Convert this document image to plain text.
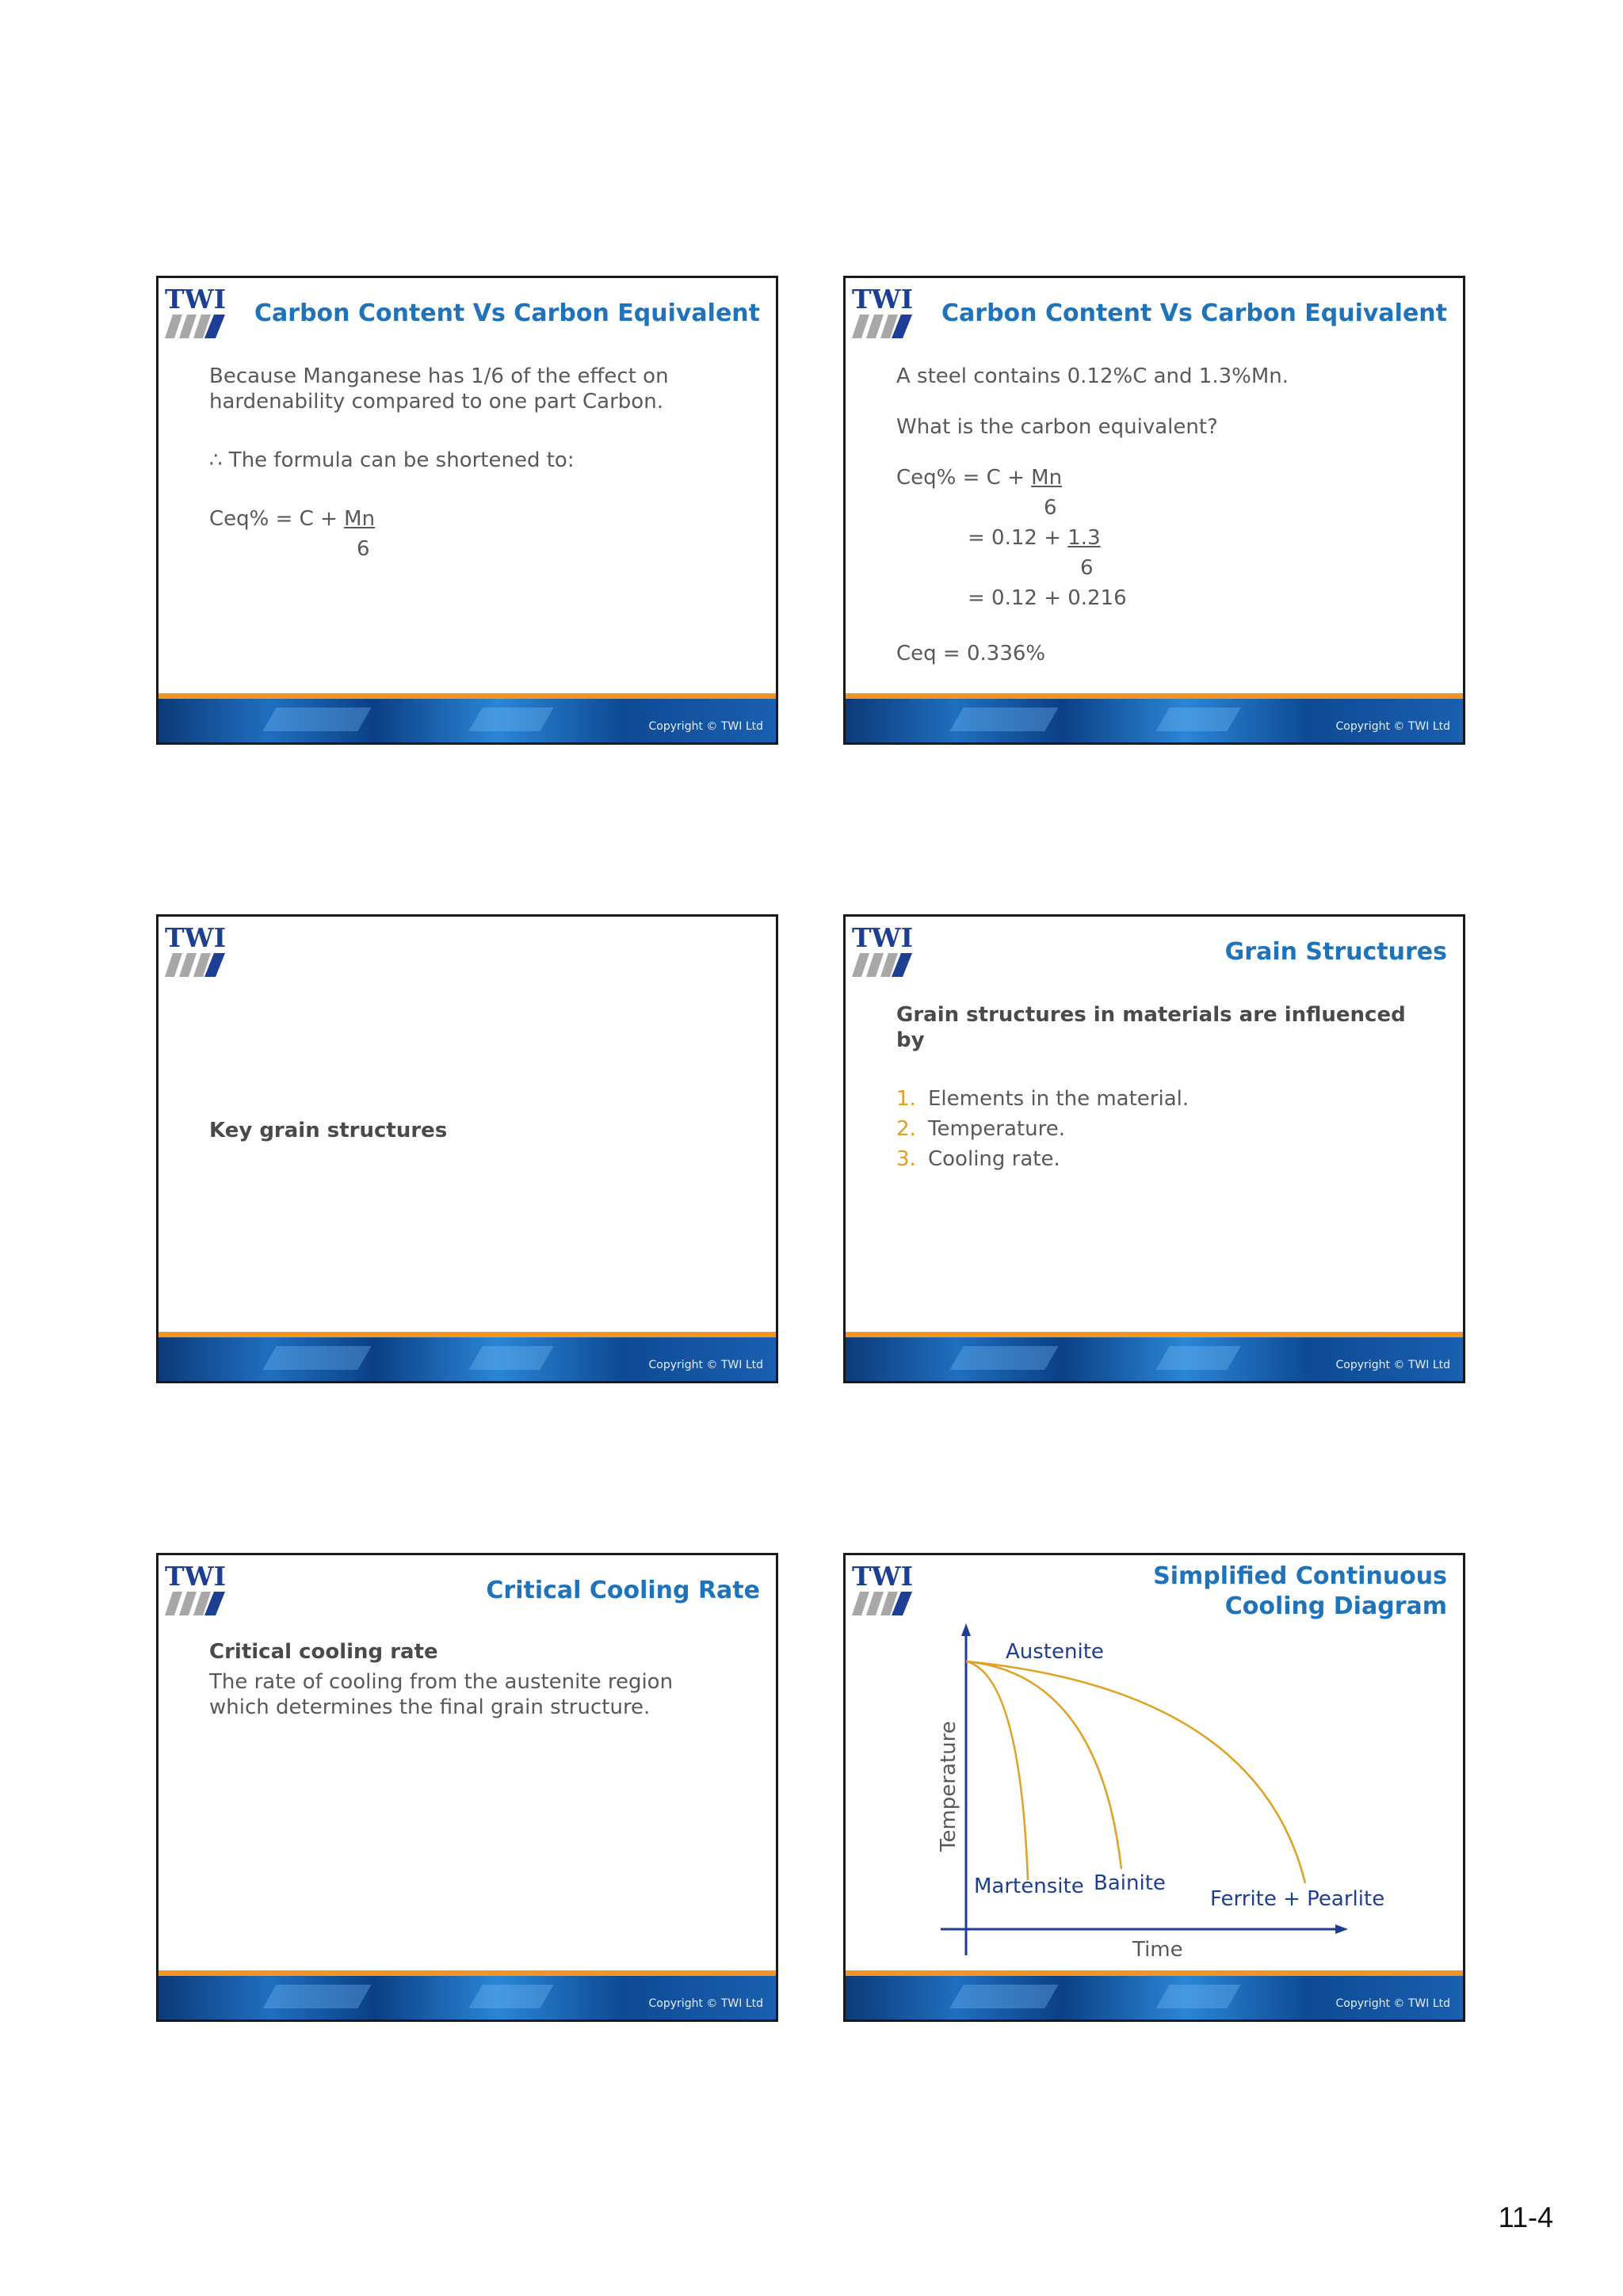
TWI Carbon Content Vs Carbon Equivalent
Because Manganese has 1/6 of the effect on
hardenability compared to one part Carbon.
∴ The formula can be shortened to:
Ceq% = C + Mn
6
Copyright © TWI Ltd
TWI Carbon Content Vs Carbon Equivalent
A steel contains 0.12%C and 1.3%Mn.
What is the carbon equivalent?
Ceq% = C + Mn
6
= 0.12 + 1.3
6
= 0.12 + 0.216
Ceq = 0.336%
Copyright © TWI Ltd
TWI
Key grain structures
Copyright © TWI Ltd
TWI	Grain Structures
Grain structures in materials are influenced
by
1. Elements in the material.
2. Temperature.
3. Cooling rate.
Copyright © TWI Ltd
TWI	Critical Cooling Rate
Critical cooling rate
The rate of cooling from the austenite region
which determines the final grain structure.
Copyright © TWI Ltd
TWI	Simplified Continuous
Cooling Diagram
Austenite
Martensite Bainite
Ferrite + Pearlite
Time
Temperature
Copyright © TWI Ltd
11-4
